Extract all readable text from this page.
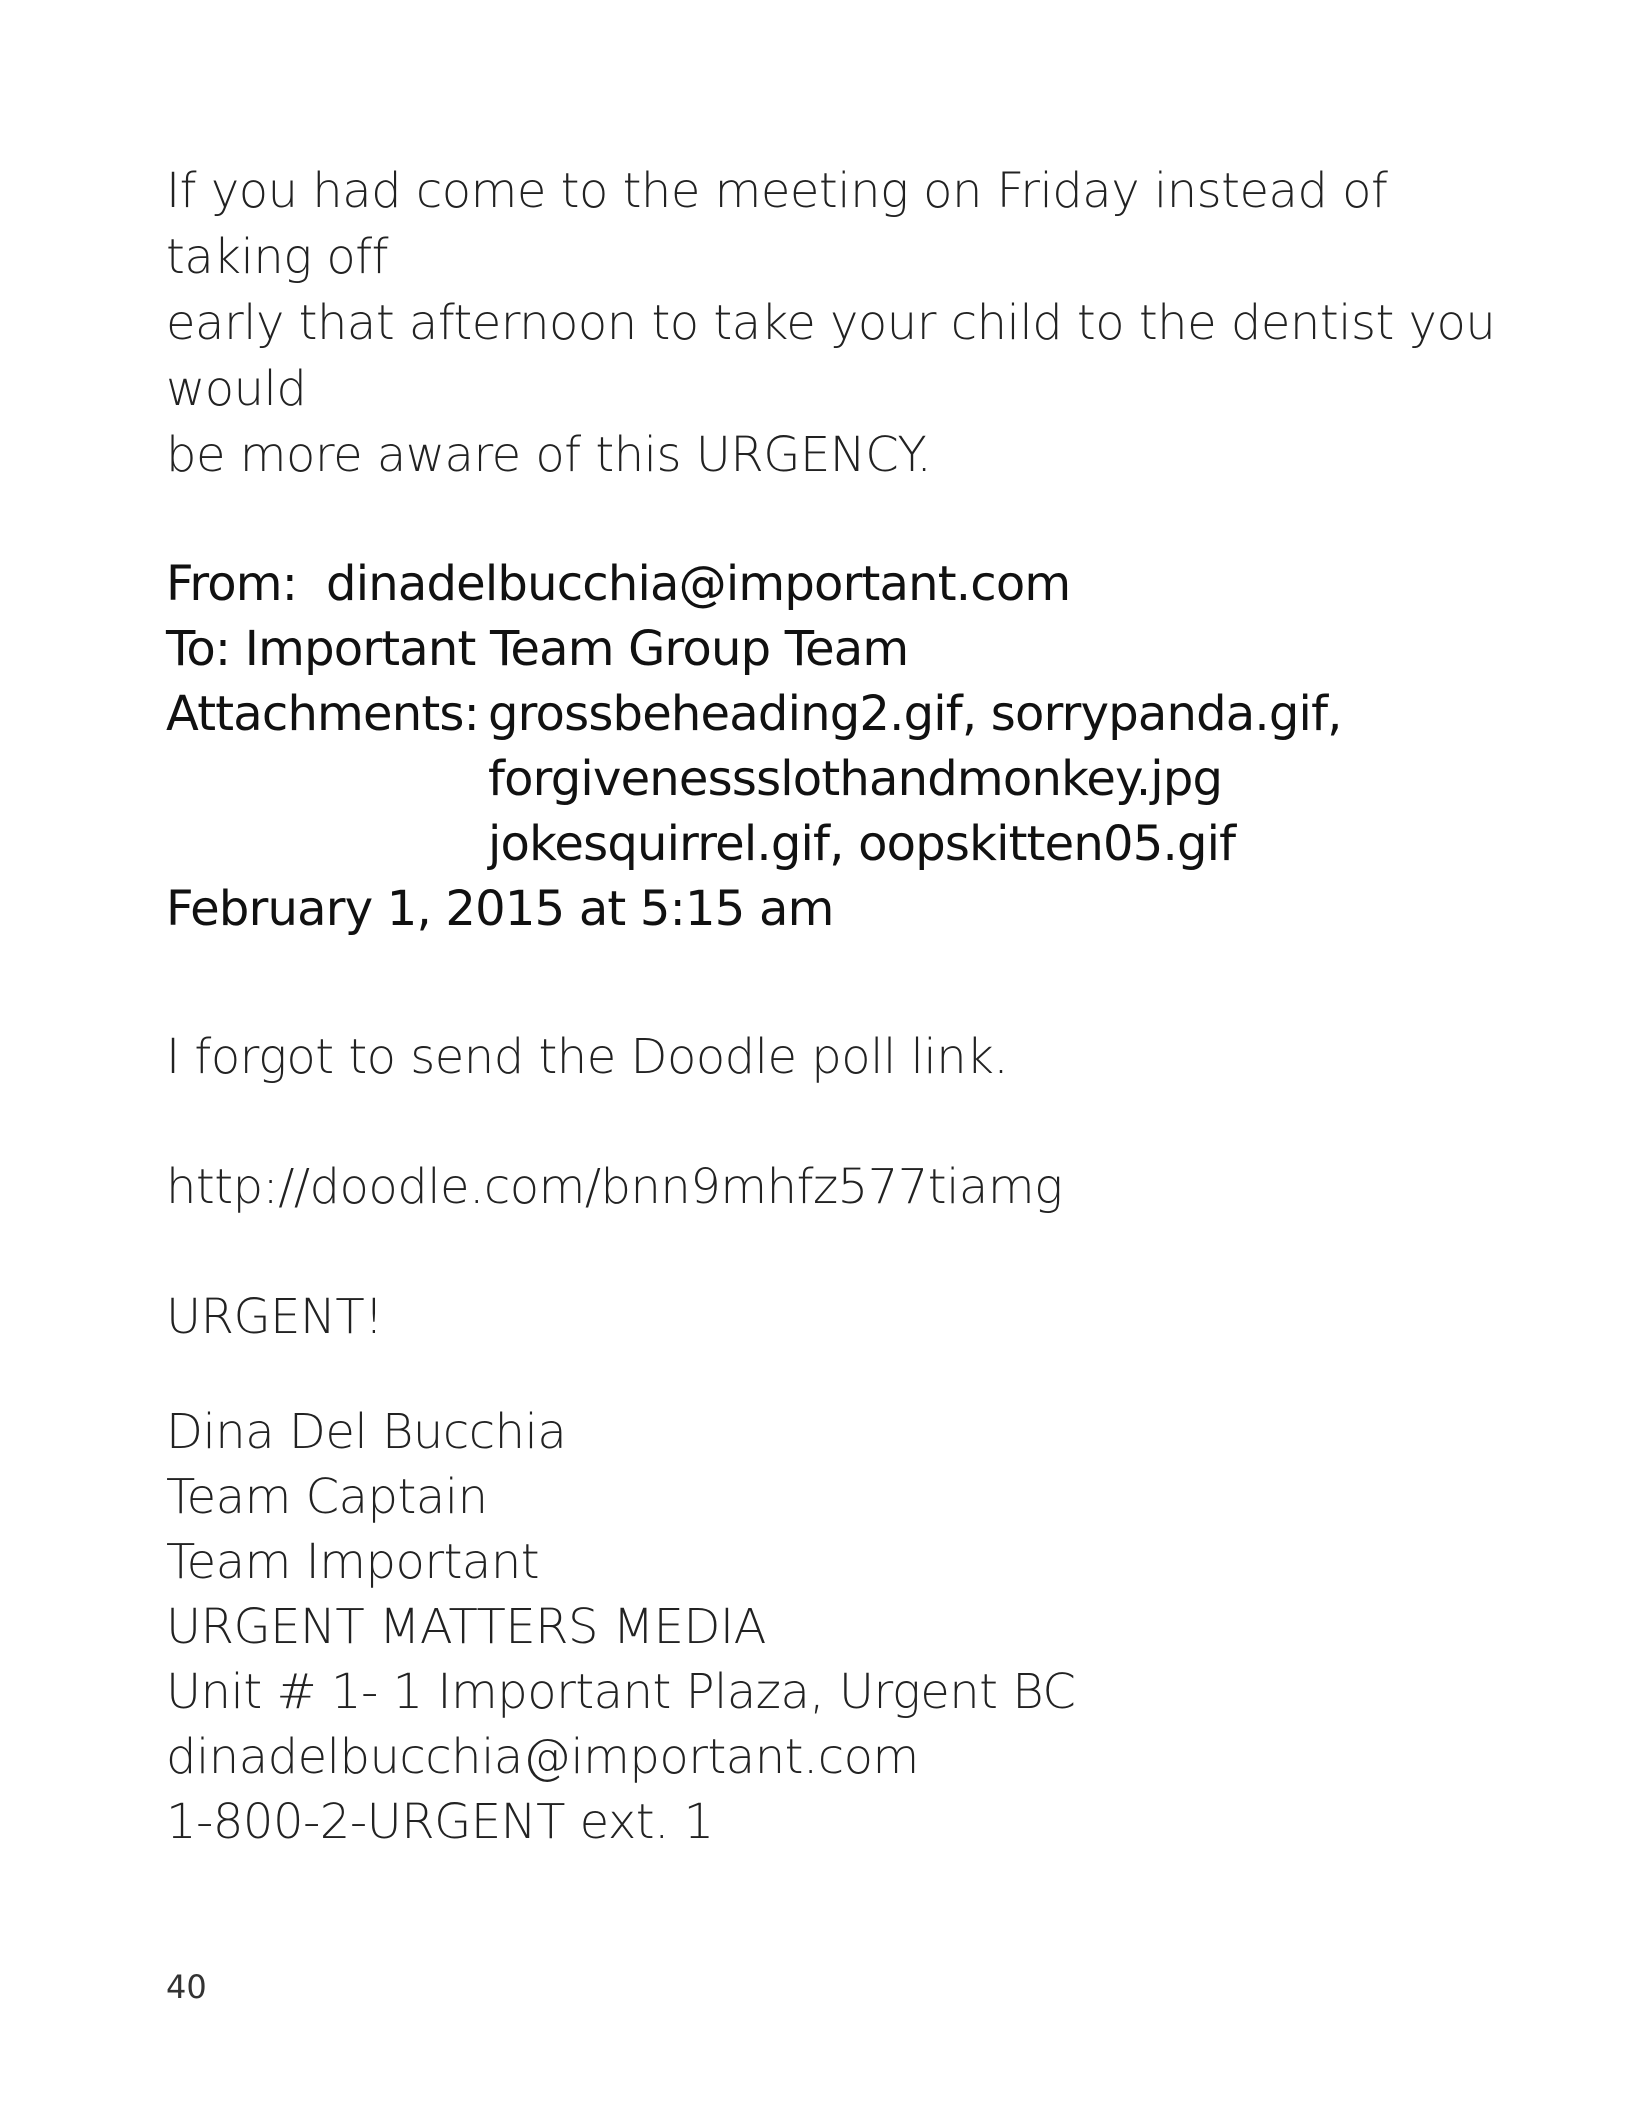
If you had come to the meeting on Friday instead of taking off
early that afternoon to take your child to the dentist you would
be more aware of this URGENCY.
From: dinadelbucchia@important.com
To: Important Team Group Team
Attachments: grossbeheading2.gif, sorrypanda.gif,
forgivenessslothandmonkey.jpg
jokesquirrel.gif, oopskitten05.gif
February 1, 2015 at 5:15 am
I forgot to send the Doodle poll link.
http://doodle.com/bnn9mhfz577tiamg
URGENT!
Dina Del Bucchia
Team Captain
Team Important
URGENT MATTERS MEDIA
Unit # 1- 1 Important Plaza, Urgent BC
dinadelbucchia@important.com
1-800-2-URGENT ext. 1
40
